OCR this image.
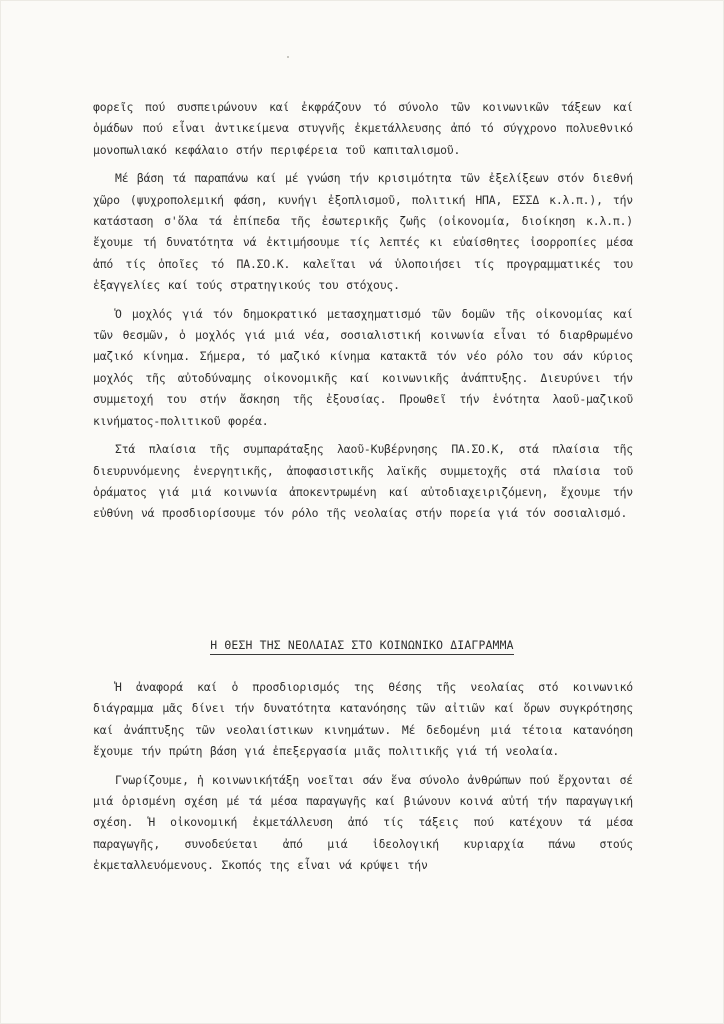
φορεῖς πού συσπειρώνουν καί ἐκφράζουν τό σύνολο τῶν κοινωνικῶν τάξεων καί ὁμάδων πού εἶναι ἀντικείμενα στυγνῆς ἐκμετάλλευσης ἀπό τό σύγχρονο πολυεθνικό μονοπωλιακό κεφάλαιο στήν περιφέρεια τοῦ καπιταλισμοῦ.

Μέ βάση τά παραπάνω καί μέ γνώση τήν κρισιμότητα τῶν ἐξελίξεων στόν διεθνή χῶρο (ψυχροπολεμική φάση, κυνήγι ἐξοπλισμοῦ, πολιτική ΗΠΑ, ΕΣΣΔ κ.λ.π.), τήν κατάσταση σ'ὅλα τά ἐπίπεδα τῆς ἐσωτερικῆς ζωῆς (οἰκονομία, διοίκηση κ.λ.π.) ἔχουμε τή δυνατότητα νά ἐκτιμήσουμε τίς λεπτές κι εὐαίσθητες ἰσορροπίες μέσα ἀπό τίς ὁποῖες τό ΠΑ.ΣΟ.Κ. καλεῖται νά ὑλοποιήσει τίς προγραμματικές του ἐξαγγελίες καί τούς στρατηγικούς του στόχους.

Ὁ μοχλός γιά τόν δημοκρατικό μετασχηματισμό τῶν δομῶν τῆς οἰκονομίας καί τῶν θεσμῶν, ὁ μοχλός γιά μιά νέα, σοσιαλιστική κοινωνία εἶναι τό διαρθρωμένο μαζικό κίνημα. Σήμερα, τό μαζικό κίνημα κατακτᾶ τόν νέο ρόλο του σάν κύριος μοχλός τῆς αὐτοδύναμης οἰκονομικῆς καί κοινωνικῆς ἀνάπτυξης. Διευρύνει τήν συμμετοχή του στήν ἄσκηση τῆς ἐξουσίας. Προωθεῖ τήν ἑνότητα λαοῦ-μαζικοῦ κινήματος-πολιτικοῦ φορέα.

Στά πλαίσια τῆς συμπαράταξης λαοῦ-Κυβέρνησης ΠΑ.ΣΟ.Κ, στά πλαίσια τῆς διευρυνόμενης ἐνεργητικῆς, ἀποφασιστικῆς λαϊκῆς συμμετοχῆς στά πλαίσια τοῦ ὁράματος γιά μιά κοινωνία ἀποκεντρωμένη καί αὐτοδιαχειριζόμενη, ἔχουμε τήν εὐθύνη νά προσδιορίσουμε τόν ρόλο τῆς νεολαίας στήν πορεία γιά τόν σοσιαλισμό.

Η ΘΕΣΗ ΤΗΣ ΝΕΟΛΑΙΑΣ ΣΤΟ ΚΟΙΝΩΝΙΚΟ ΔΙΑΓΡΑΜΜΑ

Ἡ ἀναφορά καί ὁ προσδιορισμός της θέσης τῆς νεολαίας στό κοινωνικό διάγραμμα μᾶς δίνει τήν δυνατότητα κατανόησης τῶν αἰτιῶν καί ὅρων συγκρότησης καί ἀνάπτυξης τῶν νεολαιίστικων κινημάτων. Μέ δεδομένη μιά τέτοια κατανόηση ἔχουμε τήν πρώτη βάση γιά ἐπεξεργασία μιᾶς πολιτικῆς γιά τή νεολαία.

Γνωρίζουμε, ἡ κοινωνικήτάξη νοεῖται σάν ἕνα σύνολο ἀνθρώπων πού ἔρχονται σέ μιά ὁρισμένη σχέση μέ τά μέσα παραγωγῆς καί βιώνουν κοινά αὐτή τήν παραγωγική σχέση. Ἡ οἰκονομική ἐκμετάλλευση ἀπό τίς τάξεις πού κατέχουν τά μέσα παραγωγῆς, συνοδεύεται ἀπό μιά ἰδεολογική κυριαρχία πάνω στούς ἐκμεταλλευόμενους. Σκοπός της εἶναι νά κρύψει τήν
